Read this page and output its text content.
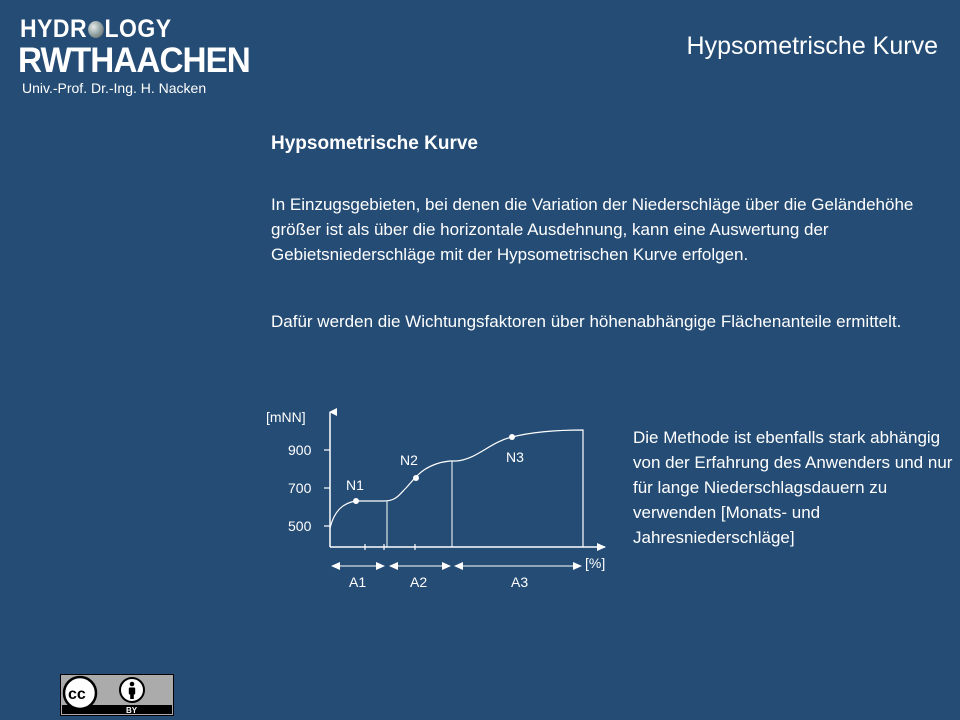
HYDR LOGY
RWTHAACHEN
Univ.-Prof. Dr.-Ing. H. Nacken
Hypsometrische Kurve
Hypsometrische Kurve
In Einzugsgebieten, bei denen die Variation der Niederschläge über die Geländehöhe größer ist als über die horizontale Ausdehnung, kann eine Auswertung der Gebietsniederschläge mit der Hypsometrischen Kurve erfolgen.
Dafür werden die Wichtungsfaktoren über höhenabhängige Flächenanteile ermittelt.
[mNN]
[%]
900
700
500
N1
N2	N3
A1	A2	A3
Die Methode ist ebenfalls stark abhängig von der Erfahrung des Anwenders und nur für lange Niederschlagsdauern zu verwenden [Monats- und Jahresniederschläge]
cc
BY
